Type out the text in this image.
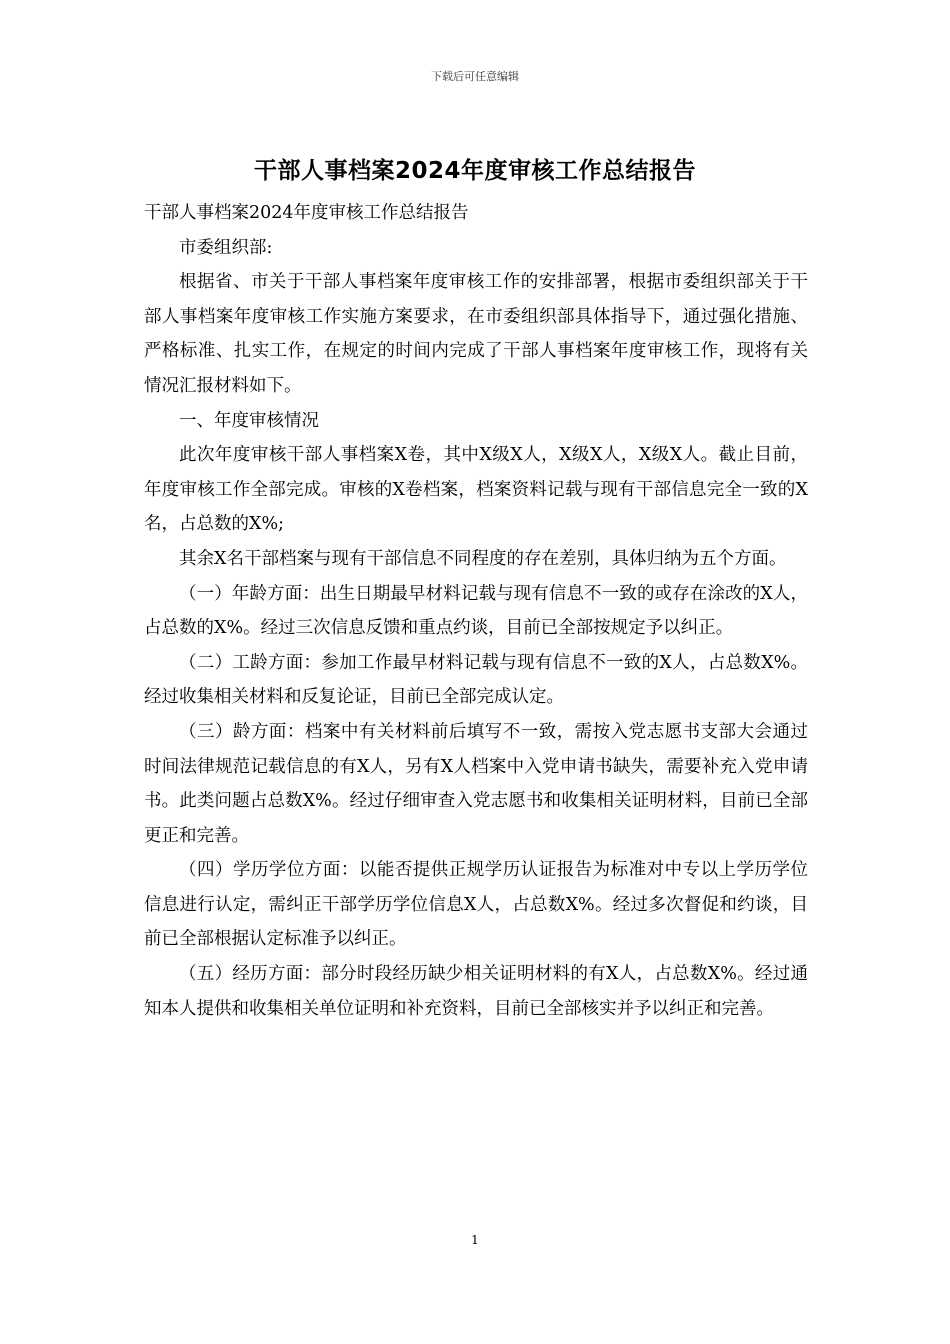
下载后可任意编辑
干部人事档案2024年度审核工作总结报告

干部人事档案2024年度审核工作总结报告

市委组织部:

根据省、市关于干部人事档案年度审核工作的安排部署，根据市委组织部关于干部人事档案年度审核工作实施方案要求，在市委组织部具体指导下，通过强化措施、严格标准、扎实工作，在规定的时间内完成了干部人事档案年度审核工作，现将有关情况汇报材料如下。

一、年度审核情况

此次年度审核干部人事档案X卷，其中X级X人，X级X人，X级X人。截止目前，年度审核工作全部完成。审核的X卷档案，档案资料记载与现有干部信息完全一致的X名，占总数的X%;

其余X名干部档案与现有干部信息不同程度的存在差别，具体归纳为五个方面。

（一）年龄方面：出生日期最早材料记载与现有信息不一致的或存在涂改的X人，占总数的X%。经过三次信息反馈和重点约谈，目前已全部按规定予以纠正。

（二）工龄方面：参加工作最早材料记载与现有信息不一致的X人，占总数X%。经过收集相关材料和反复论证，目前已全部完成认定。

（三）龄方面：档案中有关材料前后填写不一致，需按入党志愿书支部大会通过时间法律规范记载信息的有X人，另有X人档案中入党申请书缺失，需要补充入党申请书。此类问题占总数X%。经过仔细审查入党志愿书和收集相关证明材料，目前已全部更正和完善。

（四）学历学位方面：以能否提供正规学历认证报告为标准对中专以上学历学位信息进行认定，需纠正干部学历学位信息X人，占总数X%。经过多次督促和约谈，目前已全部根据认定标准予以纠正。

（五）经历方面：部分时段经历缺少相关证明材料的有X人，占总数X%。经过通知本人提供和收集相关单位证明和补充资料，目前已全部核实并予以纠正和完善。

1
